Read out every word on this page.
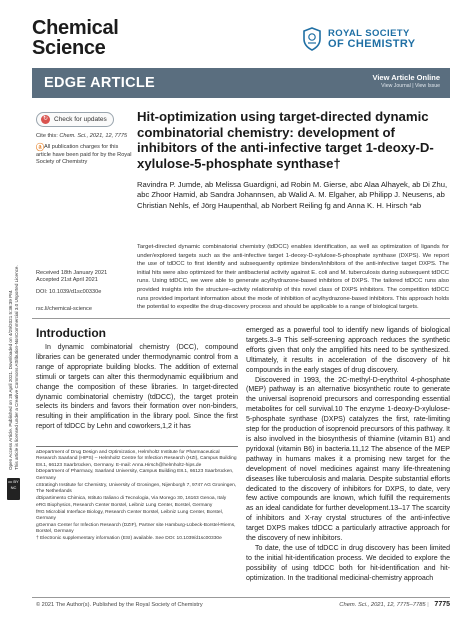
Open Access Article. Published on 28 April 2021. Downloaded on 4/29/2021 5:36:39 PM. This article is licensed under a Creative Commons Attribution-NonCommercial 3.0 Unported Licence.
cc BY NC
Chemical
Science
ROYAL SOCIETY
OF CHEMISTRY
EDGE ARTICLE	View Article Online
View Journal | View Issue
↻ Check for updates
Cite this: Chem. Sci., 2021, 12, 7775
ⓐAll publication charges for this article have been paid for by the Royal Society of Chemistry
Hit-optimization using target-directed dynamic combinatorial chemistry: development of inhibitors of the anti-infective target 1-deoxy-D-xylulose-5-phosphate synthase†
Ravindra P. Jumde, ab Melissa Guardigni, ad Robin M. Gierse, abc Alaa Alhayek, ab Di Zhu, abc Zhoor Hamid, ab Sandra Johannsen, ab Walid A. M. Elgaher, ab Philipp J. Neusens, ab Christian Nehls, ef Jörg Haupenthal, ab Norbert Reiling fg and Anna K. H. Hirsch *ab
Target-directed dynamic combinatorial chemistry (tdDCC) enables identification, as well as optimization of ligands for under/explored targets such as the anti-infective target 1-deoxy-D-xylulose-5-phosphate synthase (DXPS). We report the use of tdDCC to first identify and subsequently optimize binders/inhibitors of the anti-infective target DXPS. The initial hits were also optimized for their antibacterial activity against E. coli and M. tuberculosis during subsequent tdDCC runs. Using tdDCC, we were able to generate acylhydrazone-based inhibitors of DXPS. The tailored tdDCC runs also provided insights into the structure–activity relationship of this novel class of DXPS inhibitors. The competition tdDCC runs provided important information about the mode of inhibition of acylhydrazone-based inhibitors. This approach holds the potential to expedite the drug-discovery process and should be applicable to a range of biological targets.
Received 18th January 2021
Accepted 21st April 2021
DOI: 10.1039/d1sc00330e
rsc.li/chemical-science
Introduction

In dynamic combinatorial chemistry (DCC), compound libraries can be generated under thermodynamic control from a range of appropriate building blocks. The addition of external stimuli or targets can alter this thermodynamic equilibrium and change the composition of these libraries. In target-directed dynamic combinatorial chemistry (tdDCC), the target protein selects its binders and favors their formation over non-binders, resulting in their amplification in the library pool. Since the first report of tdDCC by Lehn and coworkers,1,2 it has

emerged as a powerful tool to identify new ligands of biological targets.3–9 This self-screening approach reduces the synthetic efforts given that only the amplified hits need to be synthesized. Ultimately, it results in acceleration of the discovery of hit compounds in the early stages of drug discovery.

Discovered in 1993, the 2C-methyl-D-erythritol 4-phosphate (MEP) pathway is an alternative biosynthetic route to generate the universal isoprenoid precursors and corresponding essential metabolites for cell survival.10 The enzyme 1-deoxy-D-xylulose-5-phosphate synthase (DXPS) catalyzes the first, rate-limiting step for the production of isoprenoid precursors of this pathway. It is also involved in the biosynthesis of thiamine (vitamin B1) and pyridoxal (vitamin B6) in bacteria.11,12 The absence of the MEP pathway in humans makes it a promising new target for the development of novel medicines against many life-threatening diseases like tuberculosis and malaria. Despite substantial efforts dedicated to the discovery of inhibitors for DXPS, to date, very few active compounds are known, which fulfill the requirements as an ideal candidate for further development.13–17 The scarcity of inhibitors and X-ray crystal structures of the anti-infective target DXPS makes tdDCC a particularly attractive approach for the discovery of new inhibitors.

To date, the use of tdDCC in drug discovery has been limited to the initial hit-identification process. We decided to explore the possibility of using tdDCC both for hit-identification and hit-optimization. In the traditional medicinal-chemistry approach

aDepartment of Drug Design and Optimization, Helmholtz Institute for Pharmaceutical Research Saarland (HIPS) – Helmholtz Centre for Infection Research (HZI), Campus Building E8.1, 66123 Saarbrücken, Germany. E-mail: Anna.Hirsch@helmholtz-hips.de
bDepartment of Pharmacy, Saarland University, Campus Building E8.1, 66123 Saarbrücken, Germany
cStratingh Institute for Chemistry, University of Groningen, Nijenborgh 7, 9747 AG Groningen, The Netherlands
dDipartimento Chimica, Istituto Italiano di Tecnologia, Via Morego 30, 16163 Genoa, Italy
eRG Biophysics, Research Center Borstel, Leibniz Lung Center, Borstel, Germany
fRG Microbial Interface Biology, Research Center Borstel, Leibniz Lung Center, Borstel, Germany
gGerman Center for Infection Research (DZIF), Partner site Hamburg-Lübeck-Borstel-Riems, Borstel, Germany
† Electronic supplementary information (ESI) available. See DOI: 10.1039/d1sc00330e
© 2021 The Author(s). Published by the Royal Society of Chemistry	Chem. Sci., 2021, 12, 7775–7785 | 7775
